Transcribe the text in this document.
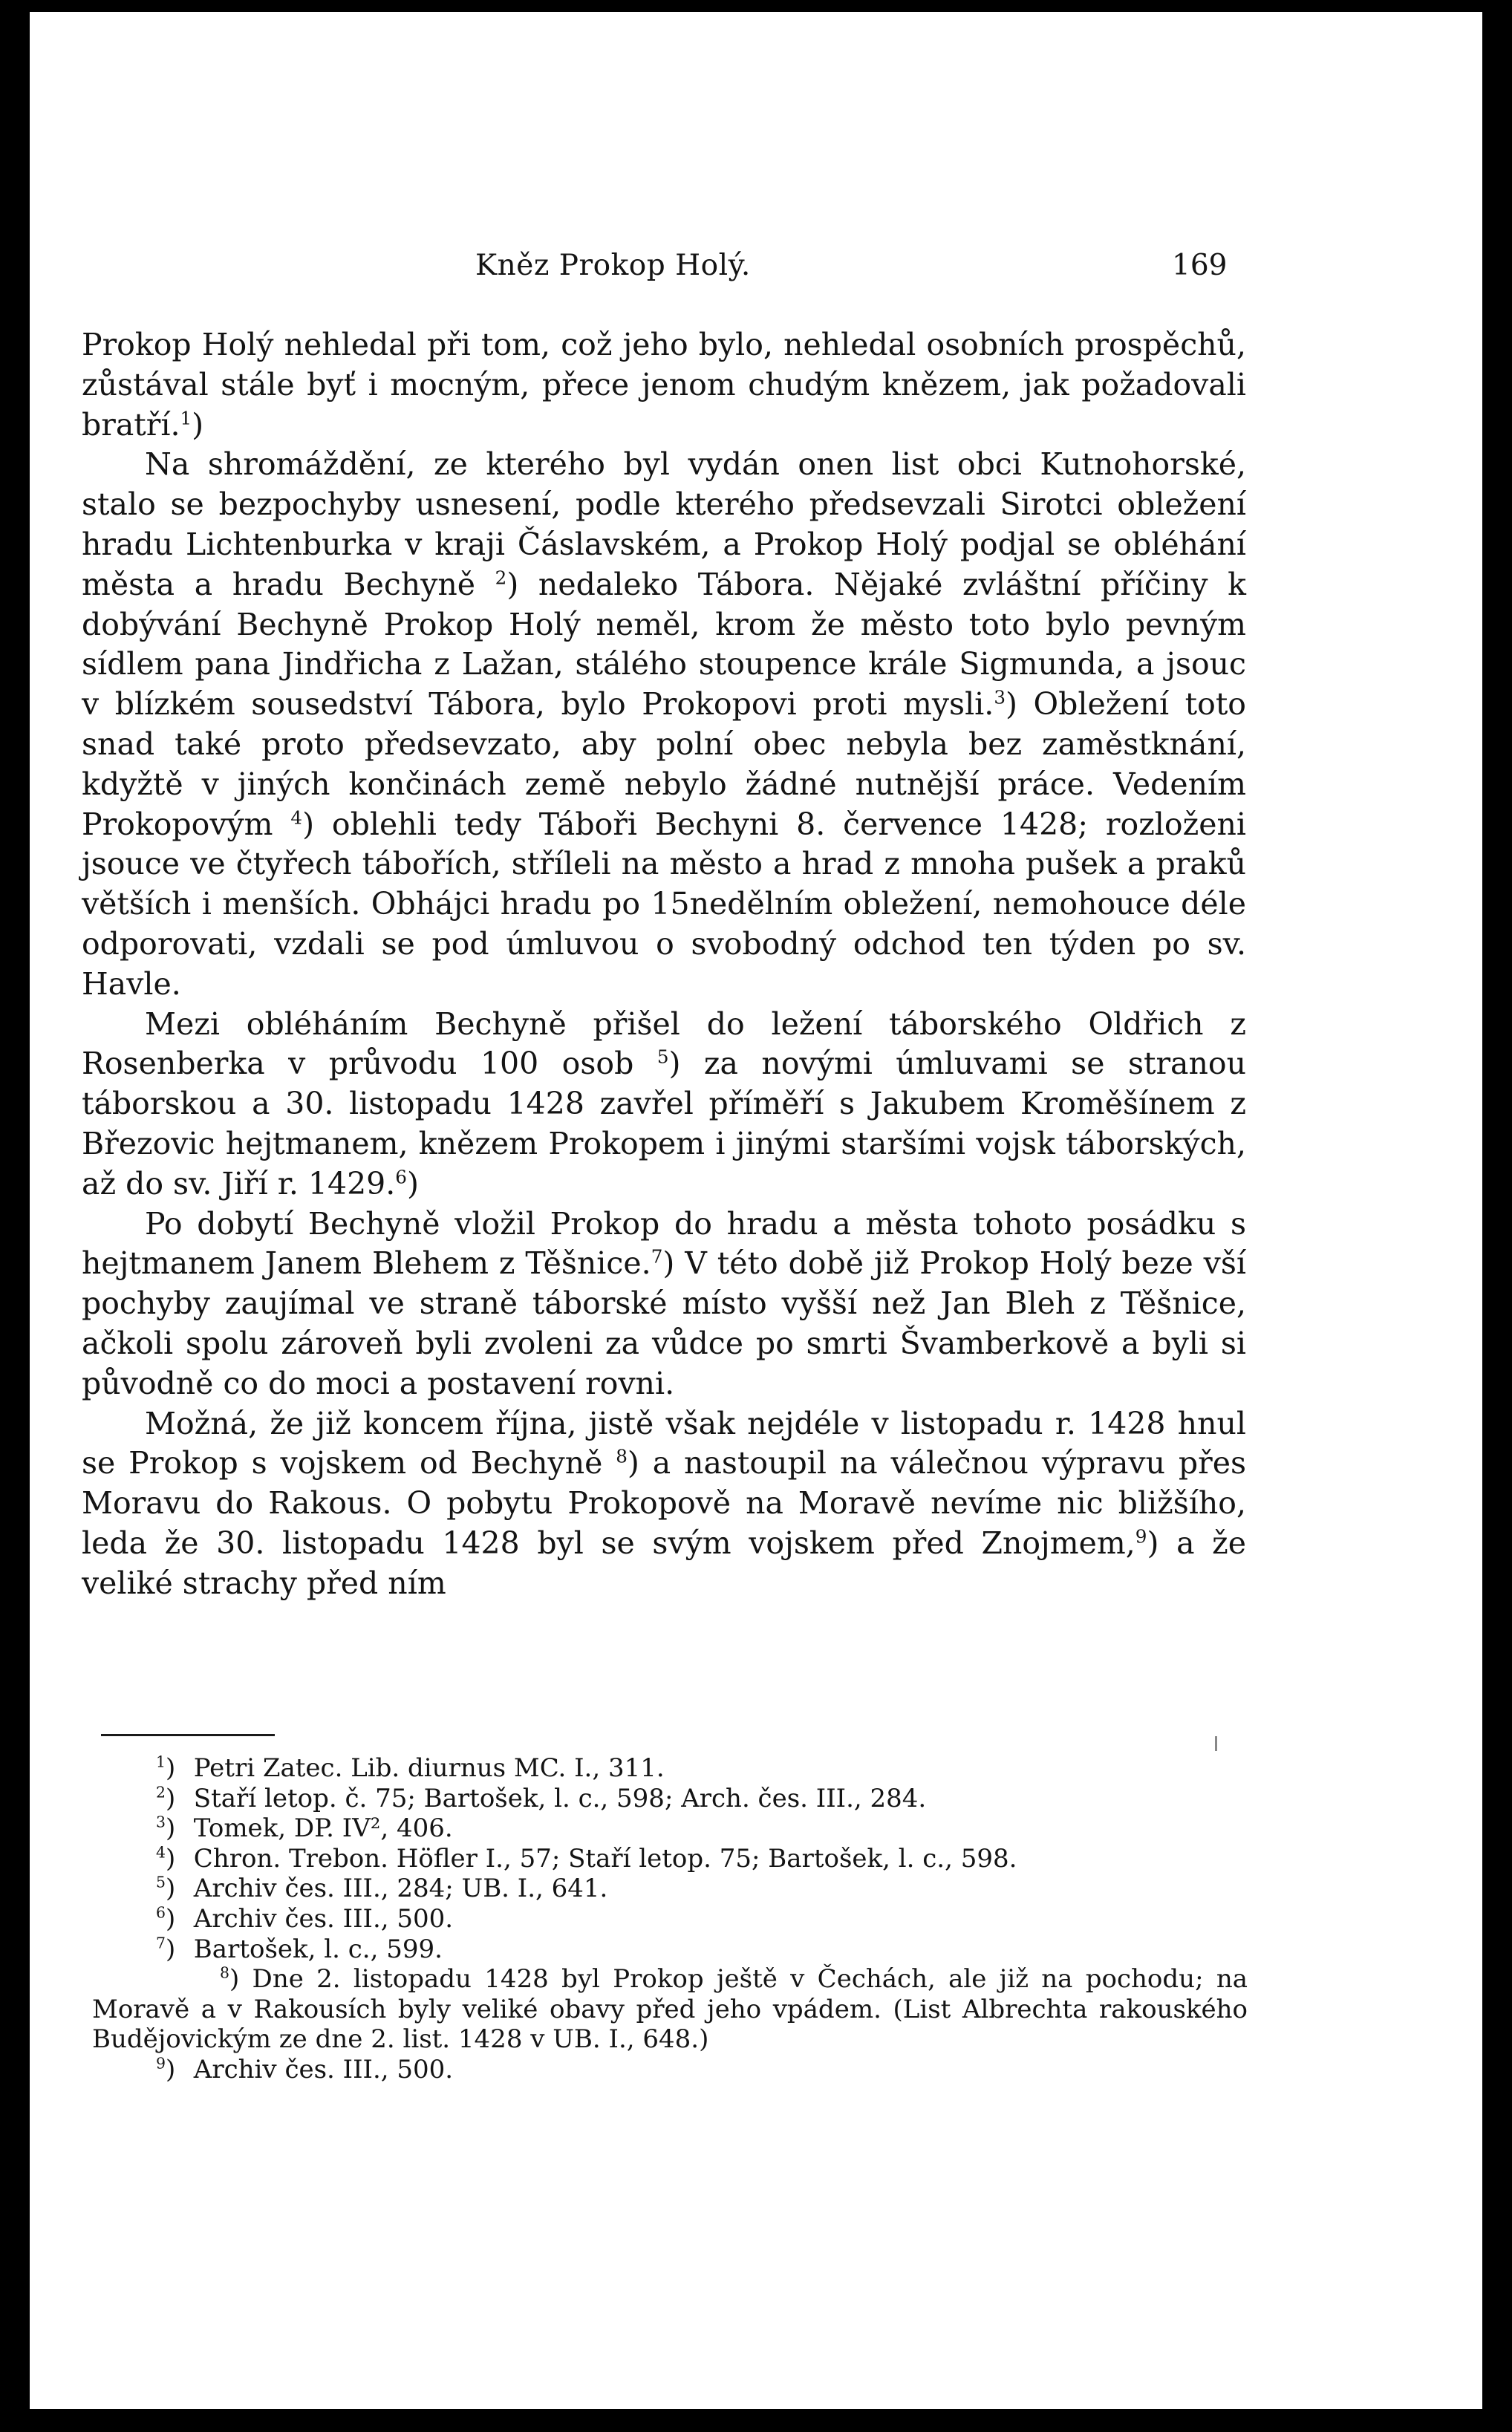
Kněz Prokop Holý.	169

Prokop Holý nehledal při tom, což jeho bylo, nehledal osobních prospěchů, zůstával stále byť i mocným, přece jenom chudým knězem, jak požadovali bratří.$^1$)

Na shromáždění, ze kterého byl vydán onen list obci Kutnohorské, stalo se bezpochyby usnesení, podle kterého předsevzali Sirotci obležení hradu Lichtenburka v kraji Čáslavském, a Prokop Holý podjal se obléhání města a hradu Bechyně $^2$) nedaleko Tábora. Nějaké zvláštní příčiny k dobývání Bechyně Prokop Holý neměl, krom že město toto bylo pevným sídlem pana Jindřicha z Lažan, stálého stoupence krále Sigmunda, a jsouc v blízkém sousedství Tábora, bylo Prokopovi proti mysli.$^3$) Obležení toto snad také proto předsevzato, aby polní obec nebyla bez zaměstknání, kdyžtě v jiných končinách země nebylo žádné nutnější práce. Vedením Prokopovým $^4$) oblehli tedy Táboři Bechyni 8. července 1428; rozloženi jsouce ve čtyřech tábořích, stříleli na město a hrad z mnoha pušek a praků větších i menších. Obhájci hradu po 15nedělním obležení, nemohouce déle odporovati, vzdali se pod úmluvou o svobodný odchod ten týden po sv. Havle.

Mezi obléháním Bechyně přišel do ležení táborského Oldřich z Rosenberka v průvodu 100 osob $^5$) za novými úmluvami se stranou táborskou a 30. listopadu 1428 zavřel příměří s Jakubem Kroměšínem z Březovic hejtmanem, knězem Prokopem i jinými staršími vojsk táborských, až do sv. Jiří r. 1429.$^6$)

Po dobytí Bechyně vložil Prokop do hradu a města tohoto posádku s hejtmanem Janem Blehem z Těšnice.$^7$) V této době již Prokop Holý beze vší pochyby zaujímal ve straně táborské místo vyšší než Jan Bleh z Těšnice, ačkoli spolu zároveň byli zvoleni za vůdce po smrti Švamberkově a byli si původně co do moci a postavení rovni.

Možná, že již koncem října, jistě však nejdéle v listopadu r. 1428 hnul se Prokop s vojskem od Bechyně $^8$) a nastoupil na válečnou výpravu přes Moravu do Rakous. O pobytu Prokopově na Moravě nevíme nic bližšího, leda že 30. listopadu 1428 byl se svým vojskem před Znojmem,$^9$) a že veliké strachy před ním

$^1$) Petri Zatec. Lib. diurnus MC. I., 311.

$^2$) Staří letop. č. 75; Bartošek, l. c., 598; Arch. čes. III., 284.

$^3$) Tomek, DP. IV², 406.

$^4$) Chron. Trebon. Höfler I., 57; Staří letop. 75; Bartošek, l. c., 598.

$^5$) Archiv čes. III., 284; UB. I., 641.

$^6$) Archiv čes. III., 500.

$^7$) Bartošek, l. c., 599.

$^8$) Dne 2. listopadu 1428 byl Prokop ještě v Čechách, ale již na pochodu; na Moravě a v Rakousích byly veliké obavy před jeho vpádem. (List Albrechta rakouského Budějovickým ze dne 2. list. 1428 v UB. I., 648.)

$^9$) Archiv čes. III., 500.
